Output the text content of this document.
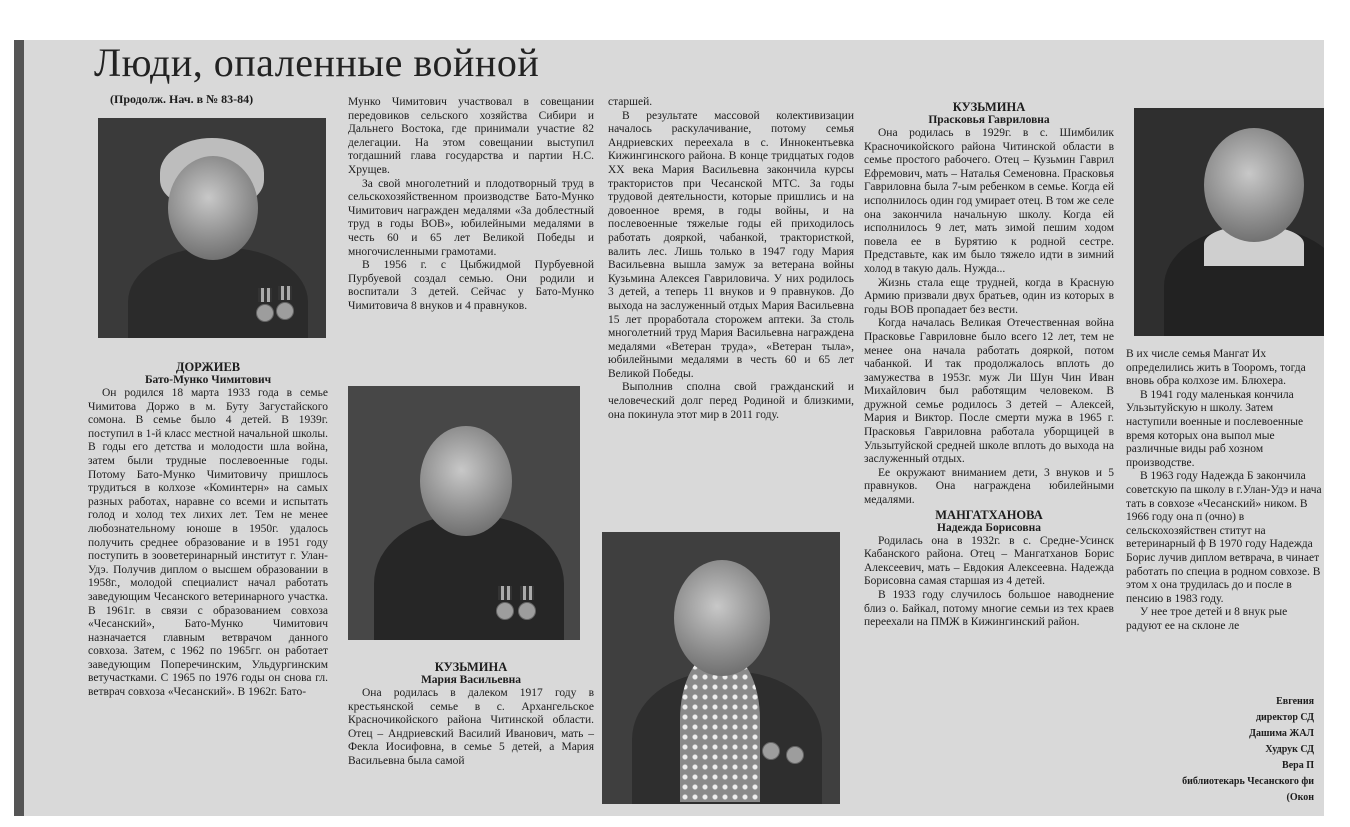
Люди, опаленные войной
(Продолж. Нач. в № 83-84)
ДОРЖИЕВ
Бато-Мунко Чимитович

Он родился 18 марта 1933 года в семье Чимитова Доржо в м. Буту Загустайского сомона. В семье было 4 детей. В 1939г. поступил в 1-й класс местной начальной школы. В годы его детства и молодости шла война, затем были трудные послевоенные годы. Потому Бато-Мунко Чимитовичу пришлось трудиться в колхозе «Коминтерн» на самых разных работах, наравне со всеми и испытать голод и холод тех лихих лет. Тем не менее любознательному юноше в 1950г. удалось получить среднее образование и в 1951 году поступить в зооветеринарный институт г. Улан-Удэ. Получив диплом о высшем образовании в 1958г., молодой специалист начал работать заведующим Чесанского ветеринарного участка. В 1961г. в связи с образованием совхоза «Чесанский», Бато-Мунко Чимитович назначается главным ветврачом данного совхоза. Затем, с 1962 по 1965гг. он работает заведующим Поперечинским, Ульдургинским ветучастками. С 1965 по 1976 годы он снова гл. ветврач совхоза «Чесанский». В 1962г. Бато-

Мунко Чимитович участвовал в совещании передовиков сельского хозяйства Сибири и Дальнего Востока, где принимали участие 82 делегации. На этом совещании выступил тогдашний глава государства и партии Н.С. Хрущев.

За свой многолетний и плодотворный труд в сельскохозяйственном производстве Бато-Мунко Чимитович награжден медалями «За доблестный труд в годы ВОВ», юбилейными медалями в честь 60 и 65 лет Великой Победы и многочисленными грамотами.

В 1956 г. с Цыбжидмой Пурбуевной Пурбуевой создал семью. Они родили и воспитали 3 детей. Сейчас у Бато-Мунко Чимитовича 8 внуков и 4 правнуков.

КУЗЬМИНА
Мария Васильевна

Она родилась в далеком 1917 году в крестьянской семье в с. Архангельское Красночикойского района Читинской области. Отец – Андриевский Василий Иванович, мать – Фекла Иосифовна, в семье 5 детей, а Мария Васильевна была самой

старшей.

В результате массовой колективизации началось раскулачивание, потому семья Андриевских переехала в с. Иннокентьевка Кижингинского района. В конце тридцатых годов XX века Мария Васильевна закончила курсы трактористов при Чесанской МТС. За годы трудовой деятельности, которые пришлись и на довоенное время, в годы войны, и на послевоенные тяжелые годы ей приходилось работать дояркой, чабанкой, трактористкой, валить лес. Лишь только в 1947 году Мария Васильевна вышла замуж за ветерана войны Кузьмина Алексея Гавриловича. У них родилось 3 детей, а теперь 11 внуков и 9 правнуков. До выхода на заслуженный отдых Мария Васильевна 15 лет проработала сторожем аптеки. За столь многолетний труд Мария Васильевна награждена медалями «Ветеран труда», «Ветеран тыла», юбилейными медалями в честь 60 и 65 лет Великой Победы.

Выполнив сполна свой гражданский и человеческий долг перед Родиной и близкими, она покинула этот мир в 2011 году.

КУЗЬМИНА
Прасковья Гавриловна

Она родилась в 1929г. в с. Шимбилик Красночикойского района Читинской области в семье простого рабочего. Отец – Кузьмин Гаврил Ефремович, мать – Наталья Семеновна. Прасковья Гавриловна была 7-ым ребенком в семье. Когда ей исполнилось один год умирает отец. В том же селе она закончила начальную школу. Когда ей исполнилось 9 лет, мать зимой пешим ходом повела ее в Бурятию к родной сестре. Представьте, как им было тяжело идти в зимний холод в такую даль. Нужда...

Жизнь стала еще трудней, когда в Красную Армию призвали двух братьев, один из которых в годы ВОВ пропадает без вести.

Когда началась Великая Отечественная война Прасковье Гавриловне было всего 12 лет, тем не менее она начала работать дояркой, потом чабанкой. И так продолжалось вплоть до замужества в 1953г. муж Ли Шун Чин Иван Михайлович был работящим человеком. В дружной семье родилось 3 детей – Алексей, Мария и Виктор. После смерти мужа в 1965 г. Прасковья Гавриловна работала уборщицей в Ульзытуйской средней школе вплоть до выхода на заслуженный отдых.

Ее окружают вниманием дети, 3 внуков и 5 правнуков. Она награждена юбилейными медалями.

МАНГАТХАНОВА
Надежда Борисовна

Родилась она в 1932г. в с. Средне-Усинск Кабанского района. Отец – Мангатханов Борис Алексеевич, мать – Евдокия Алексеевна. Надежда Борисовна самая старшая из 4 детей.

В 1933 году случилось большое наводнение близ о. Байкал, потому многие семьи из тех краев переехали на ПМЖ в Кижингинский район.

В их числе семья Мангат Их определились жить в Тооромъ, тогда вновь обра колхозе им. Блюхера.

В 1941 году маленькая кончила Ульзытуйскую н школу. Затем наступили военные и послевоенные время которых она выпол мые различные виды раб хозном производстве.

В 1963 году Надежда Б закончила советскую па школу в г.Улан-Удэ и нача тать в совхозе «Чесанский» ником. В 1966 году она п (очно) в сельскохозяйствен ститут на ветеринарный ф В 1970 году Надежда Борис лучив диплом ветврача, в чинает работать по специа в родном совхозе. В этом х она трудилась до и после в пенсию в 1983 году.

У нее трое детей и 8 внук рые радуют ее на склоне ле

Евгения
директор СД
Дашима ЖАЛ
Худрук СД
Вера П
библиотекарь Чесанского фи
(Окон
